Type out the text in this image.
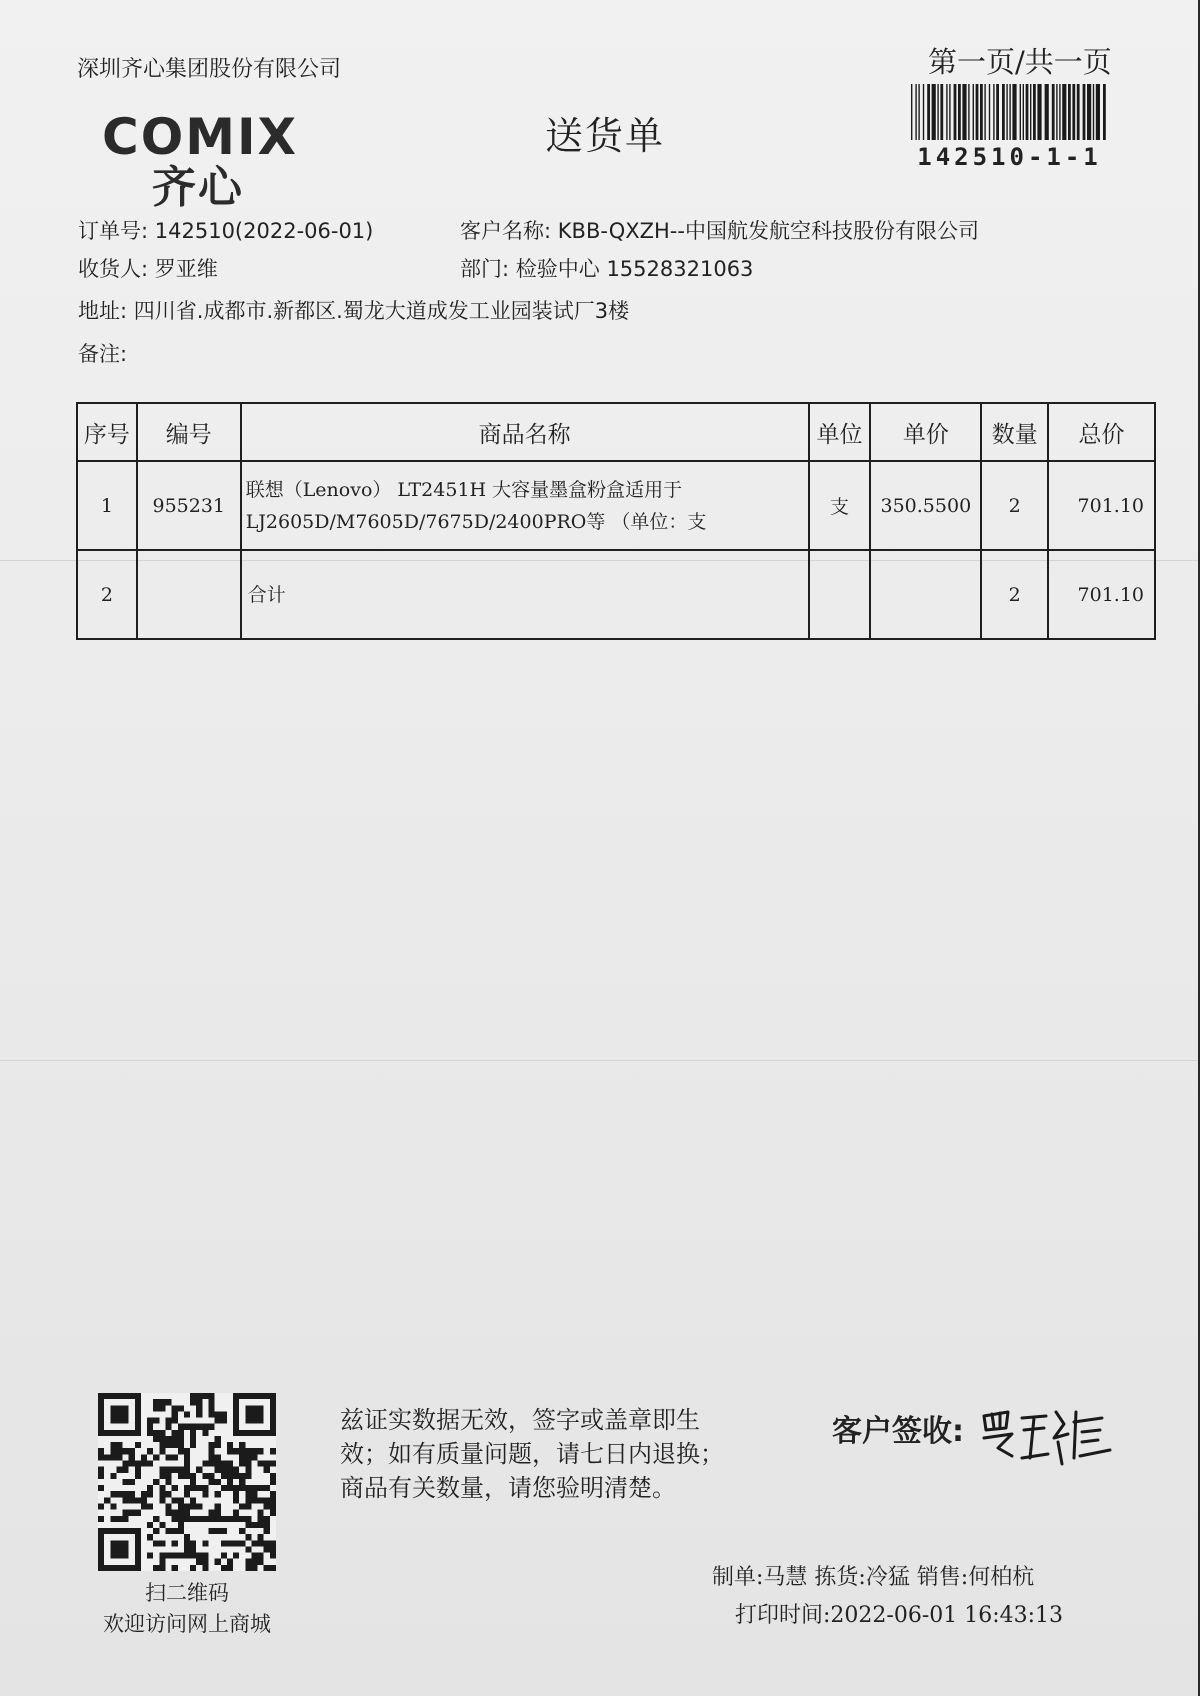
深圳齐心集团股份有限公司	第一页/共一页
142510-1-1
COMIX
齐心
送货单
订单号: 142510(2022-06-01)	客户名称: KBB-QXZH--中国航发航空科技股份有限公司
收货人: 罗亚维	部门: 检验中心 15528321063
地址: 四川省.成都市.新都区.蜀龙大道成发工业园装试厂3楼
备注:
序号	编号	商品名称	单位	单价	数量	总价
1	955231	联想（Lenovo） LT2451H 大容量墨盒粉盒适用于
LJ2605D/M7605D/7675D/2400PRO等 （单位：支	支	350.5500	2	701.10
2		合计			2	701.10
扫二维码
欢迎访问网上商城
兹证实数据无效，签字或盖章即生
效；如有质量问题，请七日内退换；
商品有关数量，请您验明清楚。
客户签收:
制单:马慧 拣货:冷猛 销售:何柏杭
打印时间:2022-06-01 16:43:13
